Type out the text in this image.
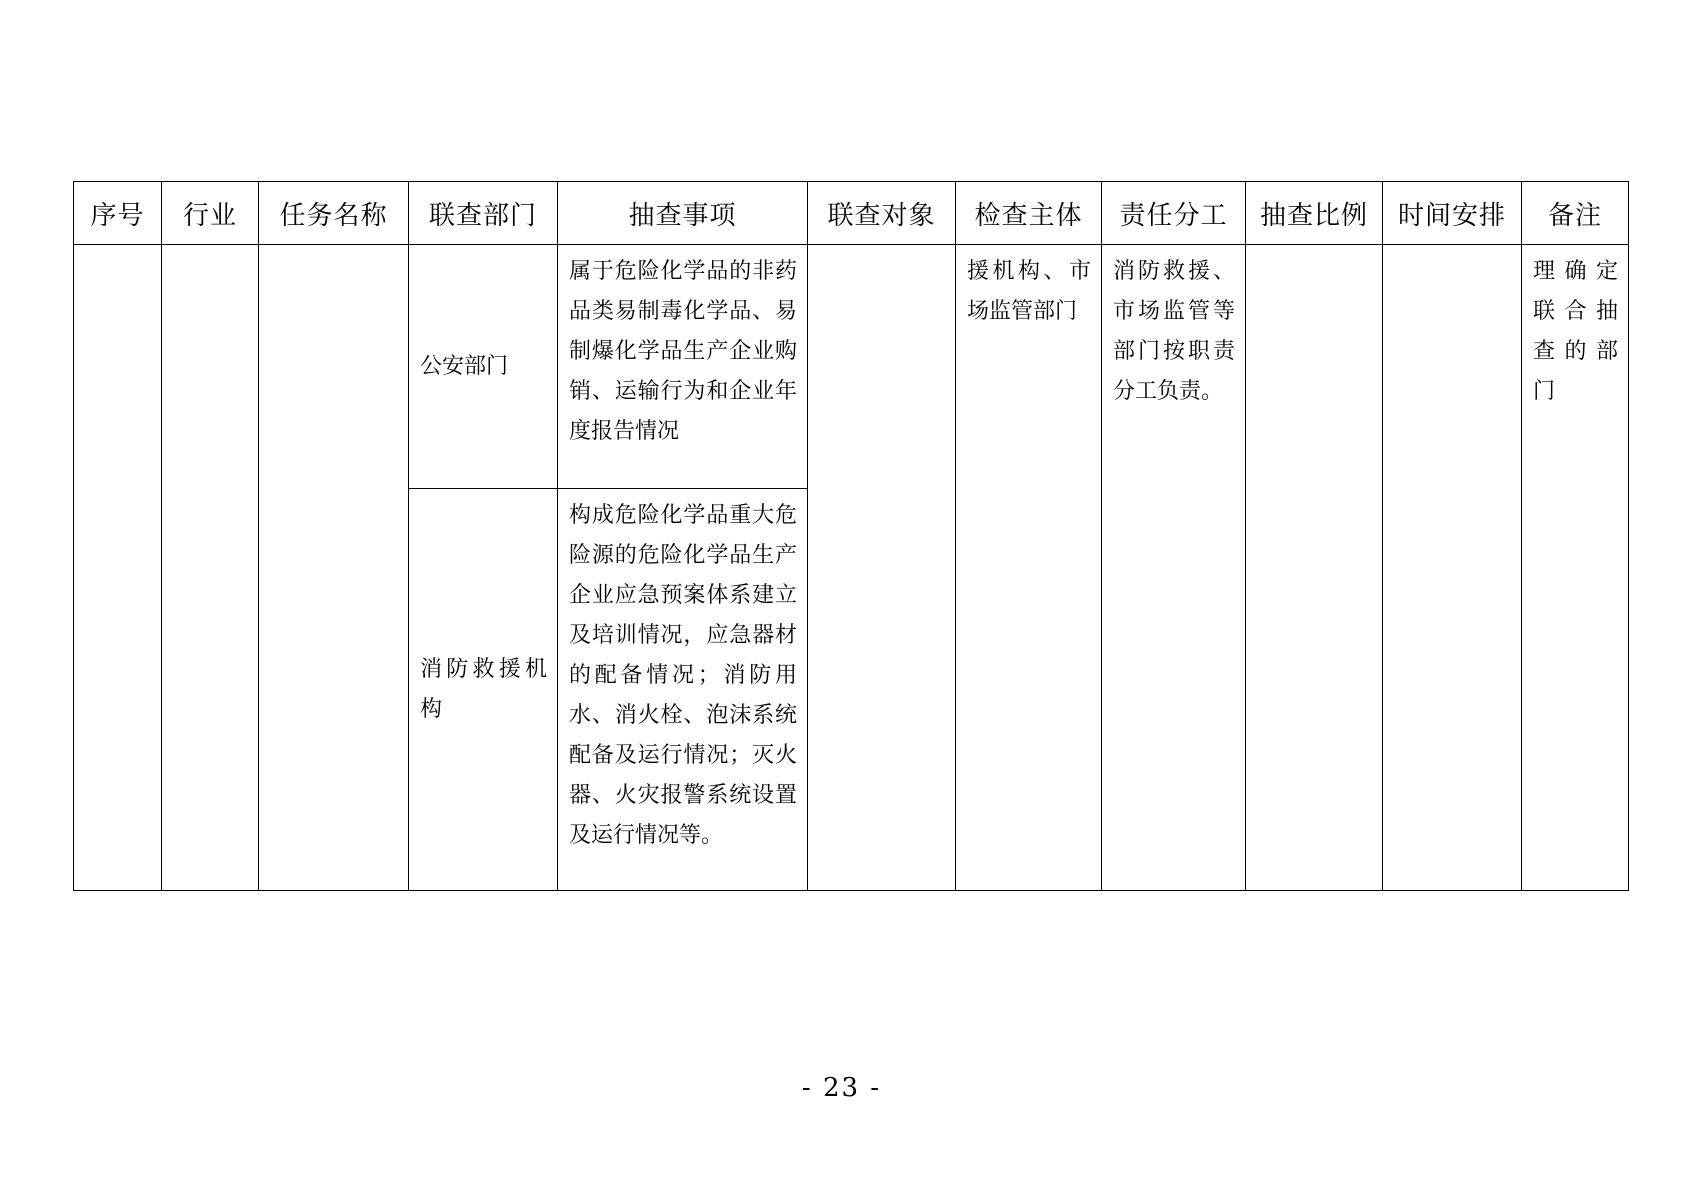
序号	行业	任务名称	联查部门	抽查事项	联查对象	检查主体	责任分工	抽查比例	时间安排	备注
			公安部门	属于危险化学品的非药品类易制毒化学品、易制爆化学品生产企业购销、运输行为和企业年度报告情况		援机构、市场监管部门	消防救援、市场监管等部门按职责分工负责。			理确定联合抽查的部门
			消防救援机构	构成危险化学品重大危险源的危险化学品生产企业应急预案体系建立及培训情况，应急器材的配备情况；消防用水、消火栓、泡沫系统配备及运行情况；灭火器、火灾报警系统设置及运行情况等。						
- 23 -
